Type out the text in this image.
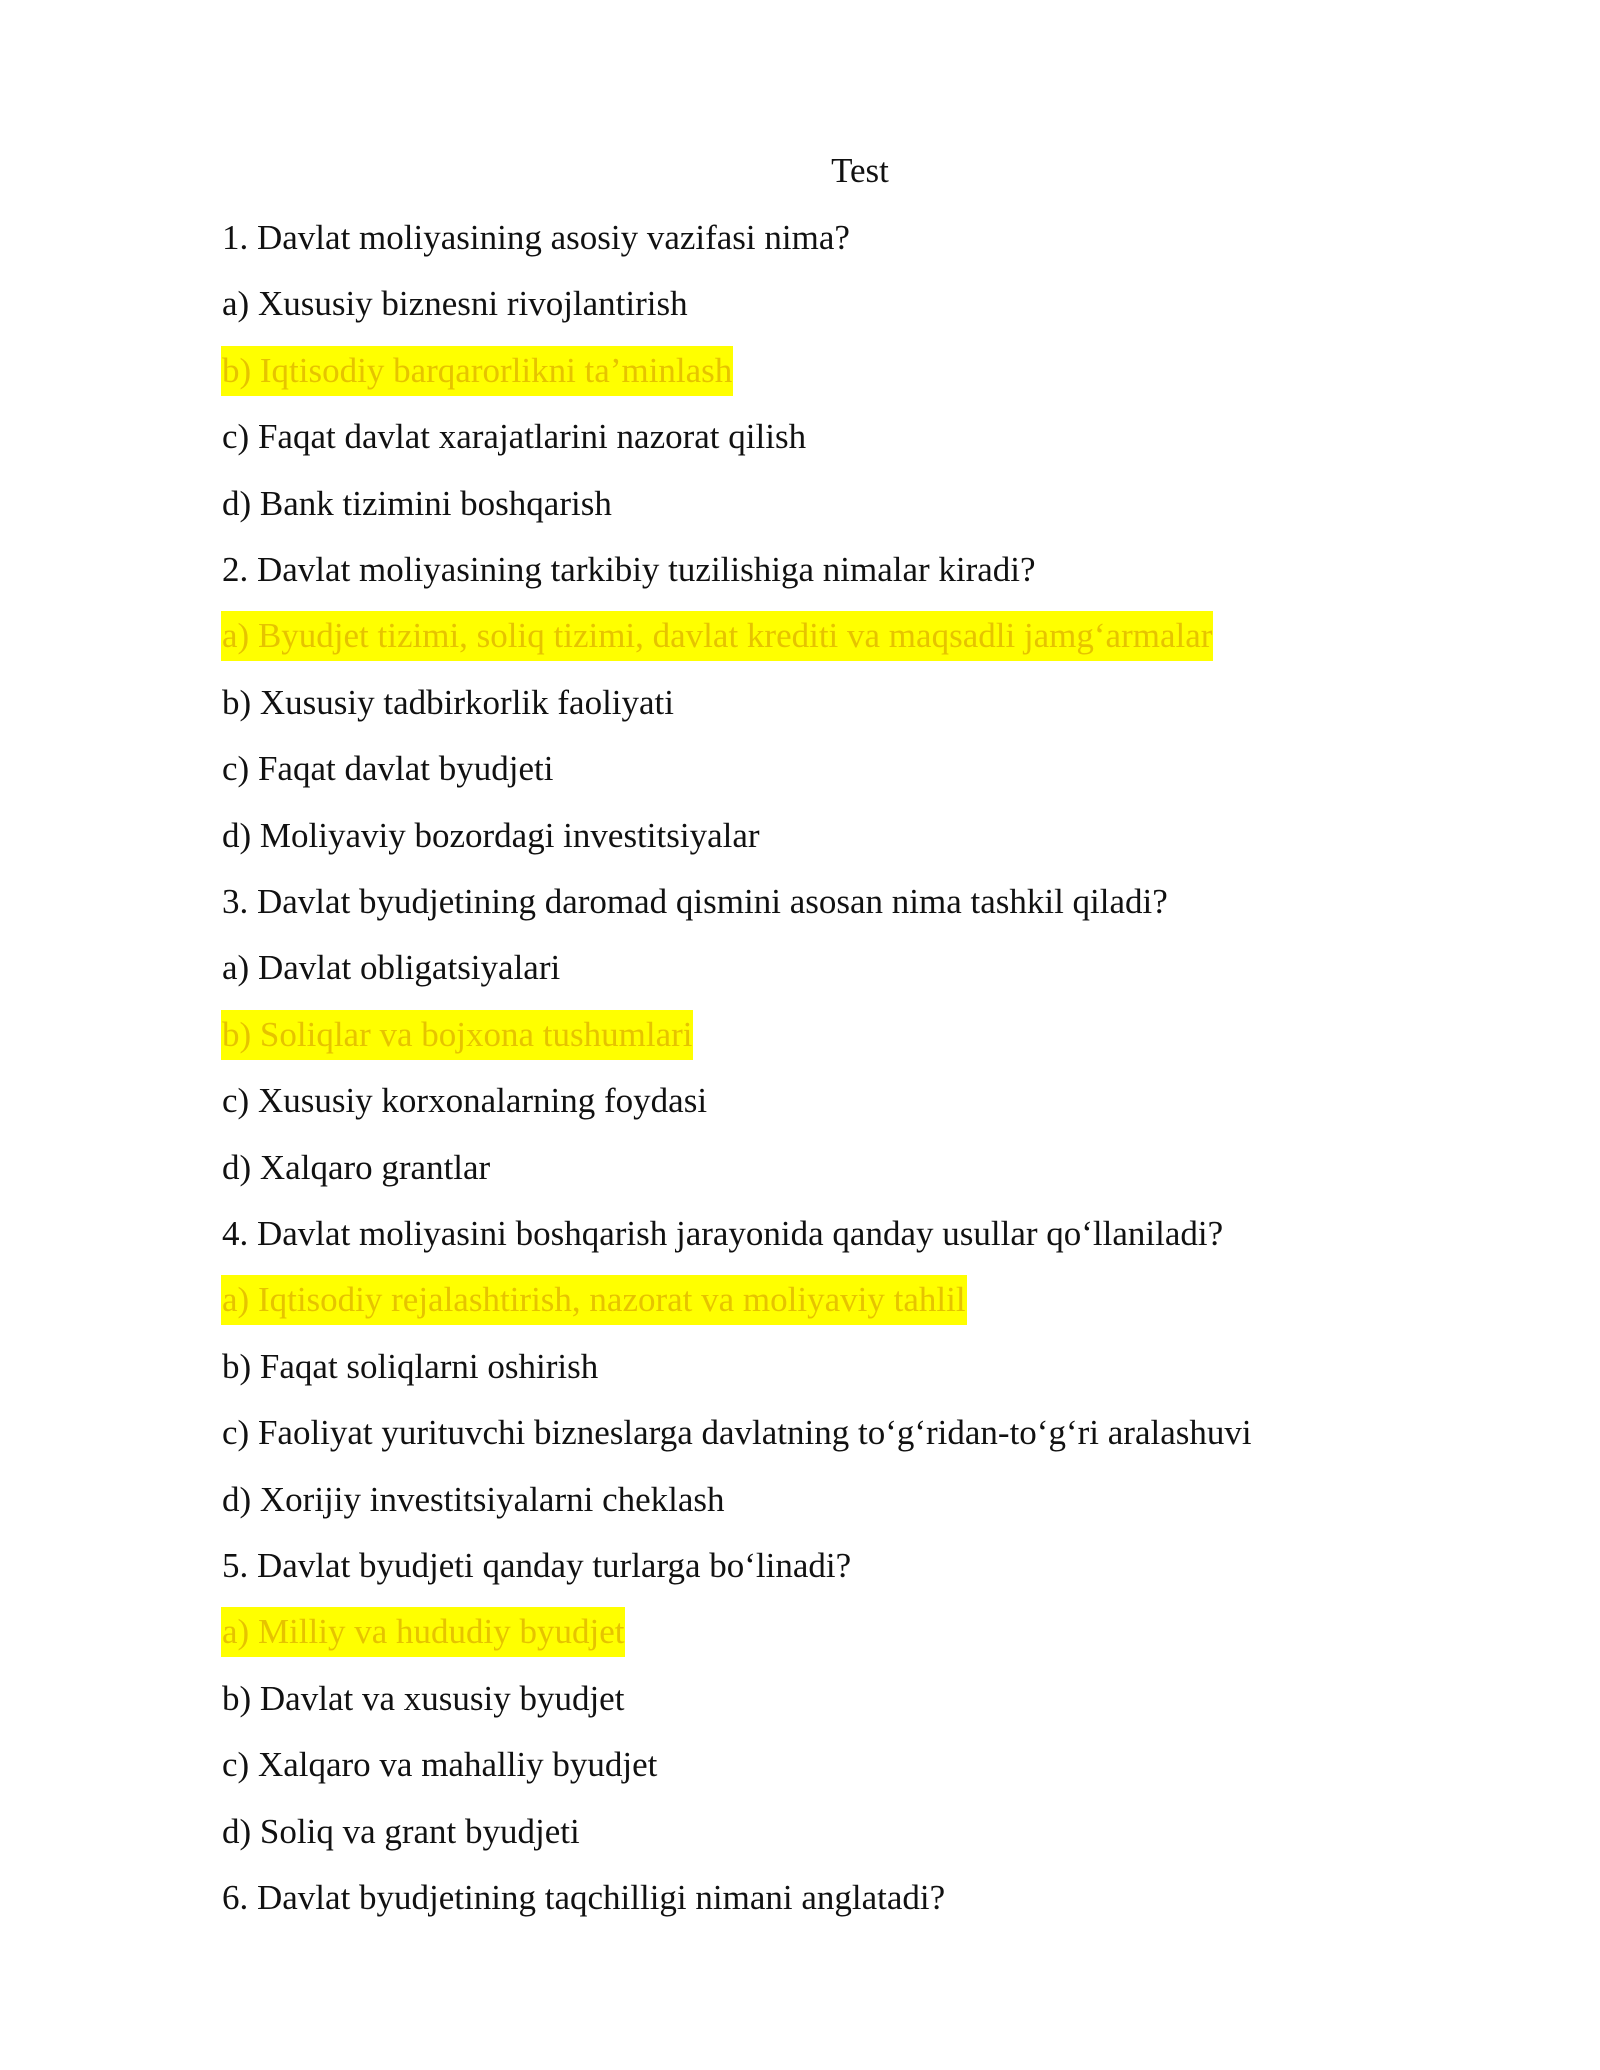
Test
1. Davlat moliyasining asosiy vazifasi nima?
a) Xususiy biznesni rivojlantirish
b) Iqtisodiy barqarorlikni ta’minlash
c) Faqat davlat xarajatlarini nazorat qilish
d) Bank tizimini boshqarish
2. Davlat moliyasining tarkibiy tuzilishiga nimalar kiradi?
a) Byudjet tizimi, soliq tizimi, davlat krediti va maqsadli jamg‘armalar
b) Xususiy tadbirkorlik faoliyati
c) Faqat davlat byudjeti
d) Moliyaviy bozordagi investitsiyalar
3. Davlat byudjetining daromad qismini asosan nima tashkil qiladi?
a) Davlat obligatsiyalari
b) Soliqlar va bojxona tushumlari
c) Xususiy korxonalarning foydasi
d) Xalqaro grantlar
4. Davlat moliyasini boshqarish jarayonida qanday usullar qo‘llaniladi?
a) Iqtisodiy rejalashtirish, nazorat va moliyaviy tahlil
b) Faqat soliqlarni oshirish
c) Faoliyat yurituvchi bizneslarga davlatning to‘g‘ridan-to‘g‘ri aralashuvi
d) Xorijiy investitsiyalarni cheklash
5. Davlat byudjeti qanday turlarga bo‘linadi?
a) Milliy va hududiy byudjet
b) Davlat va xususiy byudjet
c) Xalqaro va mahalliy byudjet
d) Soliq va grant byudjeti
6. Davlat byudjetining taqchilligi nimani anglatadi?
